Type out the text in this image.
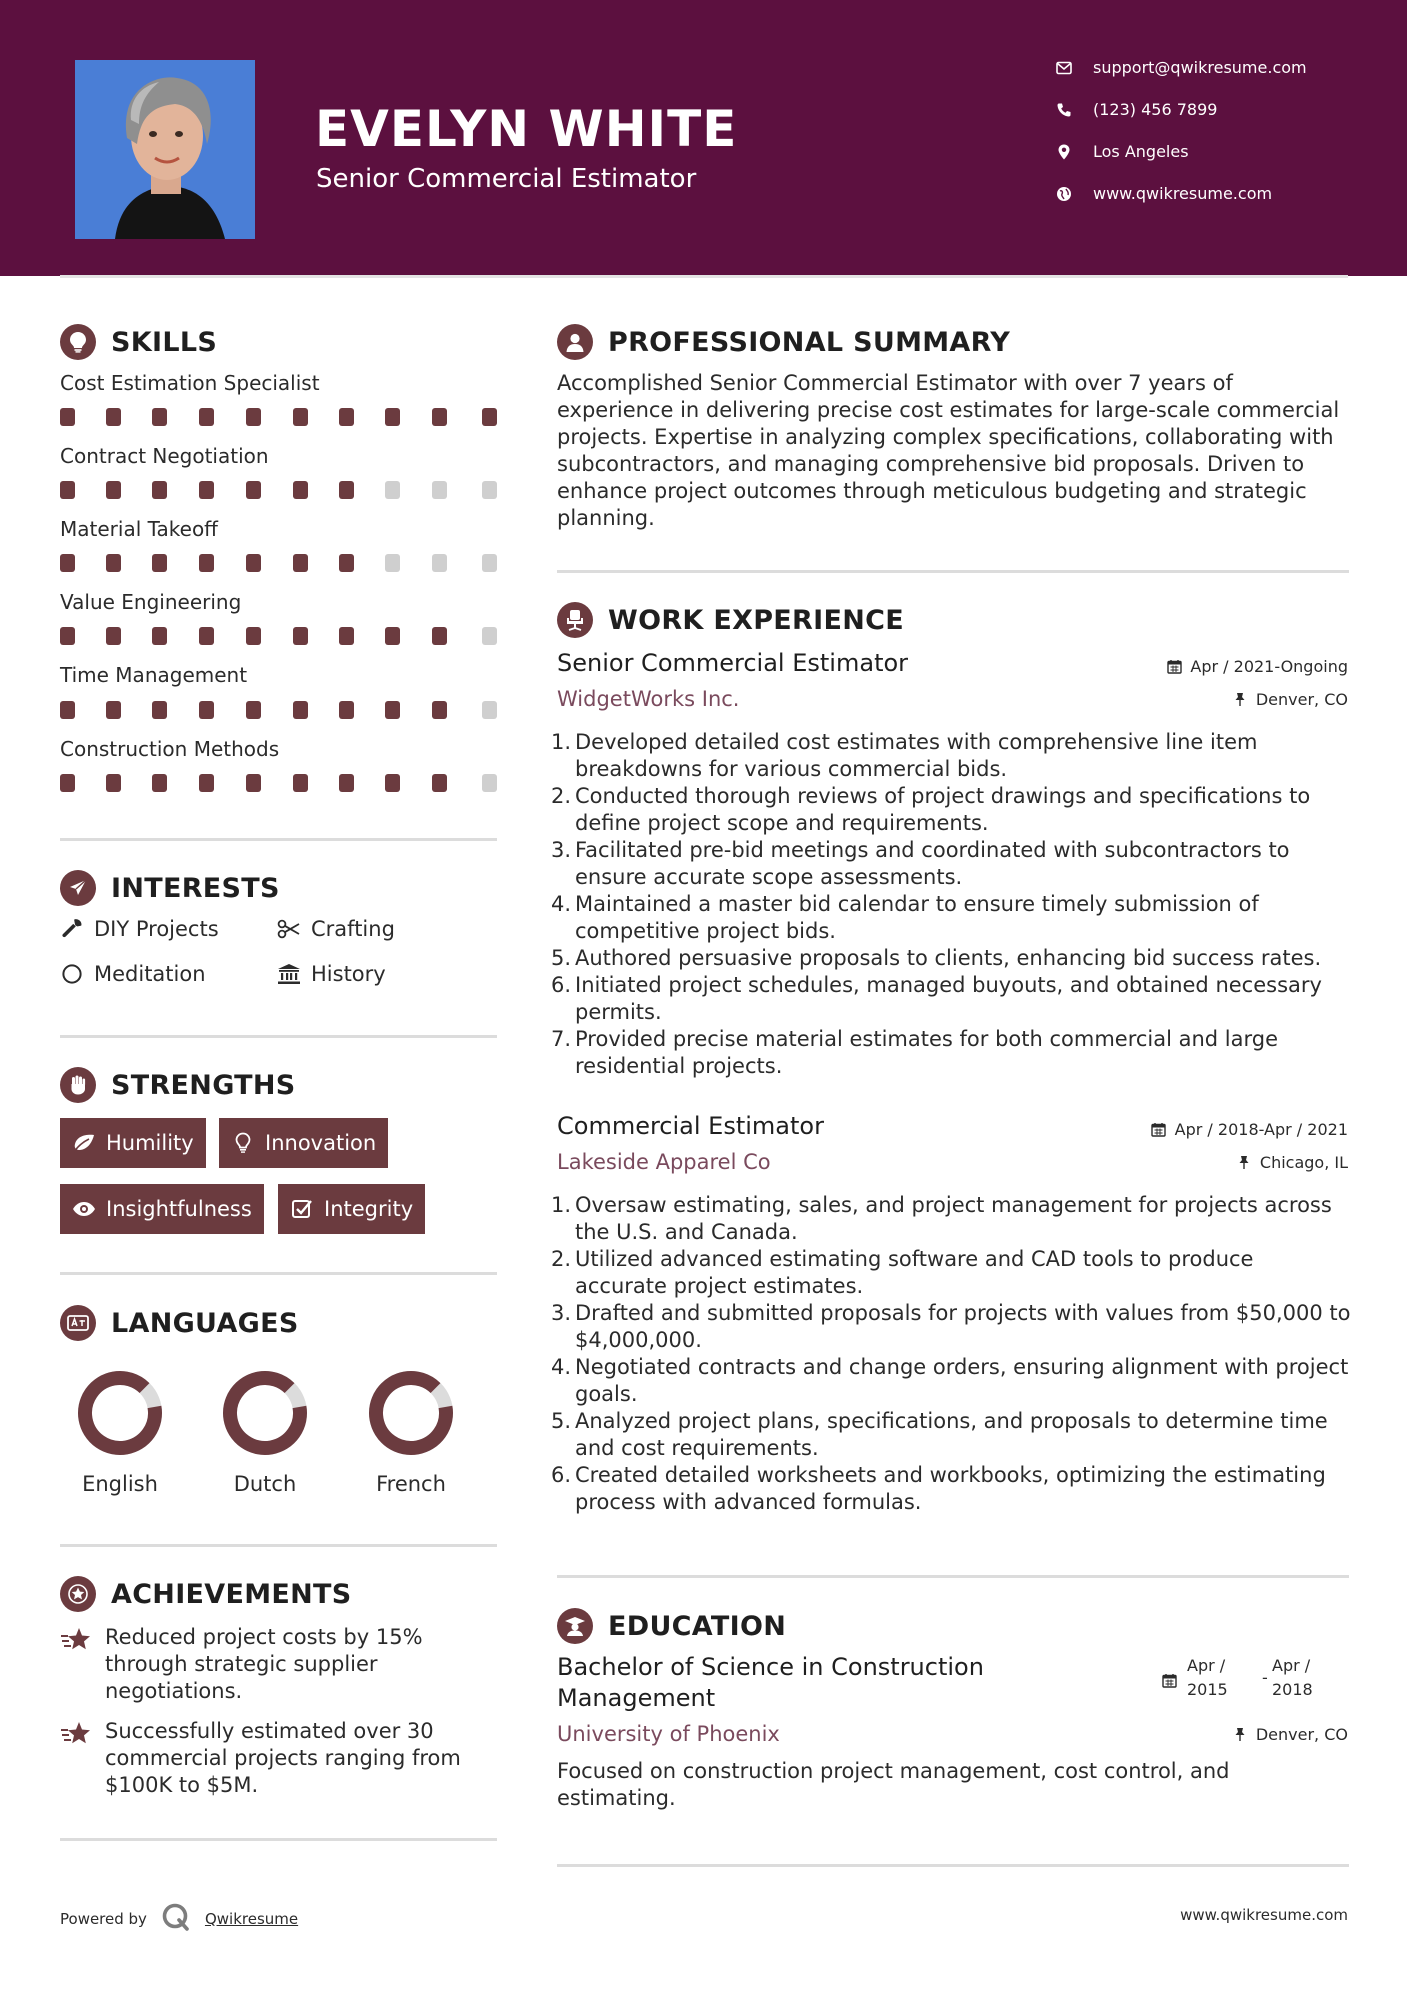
EVELYN WHITE
Senior Commercial Estimator
support@qwikresume.com
(123) 456 7899
Los Angeles
www.qwikresume.com
SKILLS
Cost Estimation Specialist
Contract Negotiation
Material Takeoff
Value Engineering
Time Management
Construction Methods
INTERESTS
DIY Projects	Crafting
Meditation	History
STRENGTHS
Humility	Innovation
Insightfulness	Integrity
LANGUAGES
English	Dutch	French
ACHIEVEMENTS
Reduced project costs by 15% through strategic supplier negotiations.
Successfully estimated over 30 commercial projects ranging from $100K to $5M.
PROFESSIONAL SUMMARY
Accomplished Senior Commercial Estimator with over 7 years of experience in delivering precise cost estimates for large-scale commercial projects. Expertise in analyzing complex specifications, collaborating with subcontractors, and managing comprehensive bid proposals. Driven to enhance project outcomes through meticulous budgeting and strategic planning.
WORK EXPERIENCE
Senior Commercial Estimator	Apr / 2021-Ongoing
WidgetWorks Inc.	Denver, CO
1. Developed detailed cost estimates with comprehensive line item breakdowns for various commercial bids.
2. Conducted thorough reviews of project drawings and specifications to define project scope and requirements.
3. Facilitated pre-bid meetings and coordinated with subcontractors to ensure accurate scope assessments.
4. Maintained a master bid calendar to ensure timely submission of competitive project bids.
5. Authored persuasive proposals to clients, enhancing bid success rates.
6. Initiated project schedules, managed buyouts, and obtained necessary permits.
7. Provided precise material estimates for both commercial and large residential projects.
Commercial Estimator	Apr / 2018-Apr / 2021
Lakeside Apparel Co	Chicago, IL
1. Oversaw estimating, sales, and project management for projects across the U.S. and Canada.
2. Utilized advanced estimating software and CAD tools to produce accurate project estimates.
3. Drafted and submitted proposals for projects with values from $50,000 to $4,000,000.
4. Negotiated contracts and change orders, ensuring alignment with project goals.
5. Analyzed project plans, specifications, and proposals to determine time and cost requirements.
6. Created detailed worksheets and workbooks, optimizing the estimating process with advanced formulas.
EDUCATION
Bachelor of Science in Construction Management
Apr /
2015
-
Apr /
2018
University of Phoenix	Denver, CO
Focused on construction project management, cost control, and estimating.
Powered by	Qwikresume	www.qwikresume.com
